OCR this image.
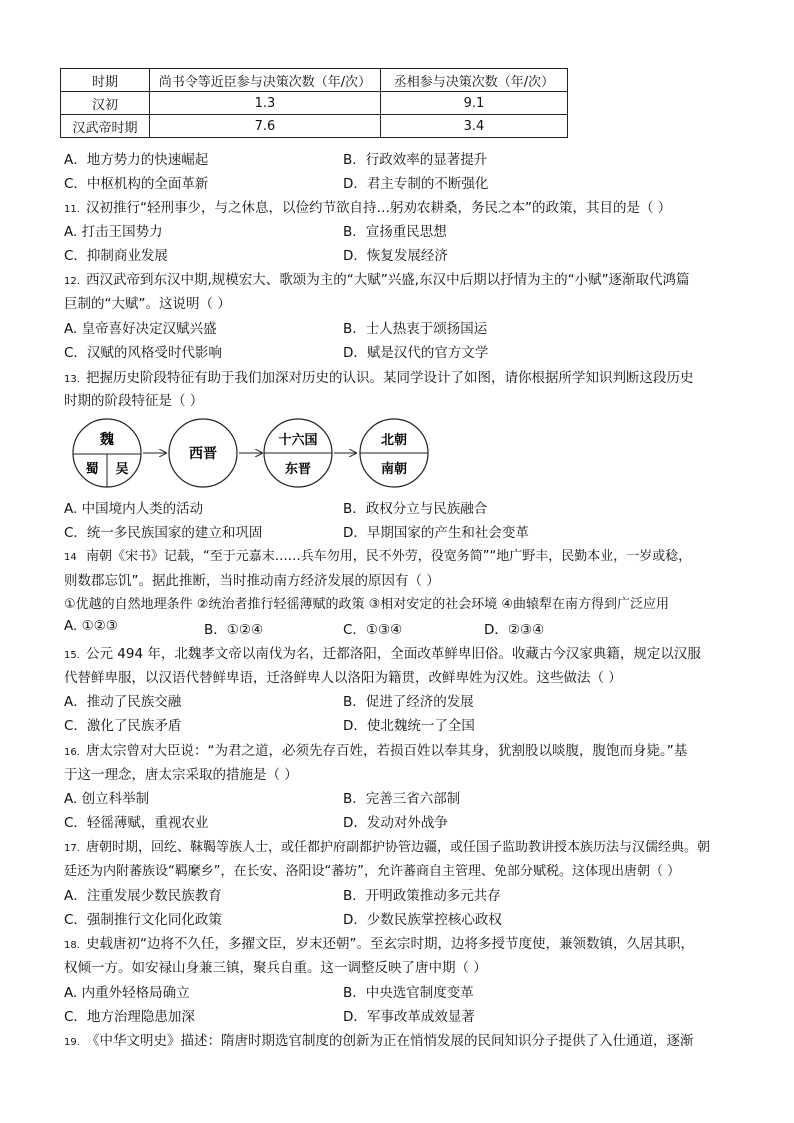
时期	尚书令等近臣参与决策次数（年/次）	丞相参与决策次数（年/次）
汉初	1.3	9.1
汉武帝时期	7.6	3.4
A．地方势力的快速崛起	B．行政效率的显著提升
C．中枢机构的全面革新	D．君主专制的不断强化
11. 汉初推行“轻刑事少，与之休息，以俭约节欲自持…躬劝农耕桑，务民之本”的政策，其目的是（ ）
A. 打击王国势力	B．宣扬重民思想
C．抑制商业发展	D．恢复发展经济
12. 西汉武帝到东汉中期,规模宏大、歌颂为主的“大赋”兴盛,东汉中后期以抒情为主的“小赋”逐渐取代鸿篇
巨制的“大赋”。这说明（ ）
A. 皇帝喜好决定汉赋兴盛	B．士人热衷于颂扬国运
C．汉赋的风格受时代影响	D．赋是汉代的官方文学
13. 把握历史阶段特征有助于我们加深对历史的认识。某同学设计了如图，请你根据所学知识判断这段历史
时期的阶段特征是（ ）
魏
蜀 吴
西晋
十六国
东晋
北朝
南朝
A. 中国境内人类的活动	B．政权分立与民族融合
C．统一多民族国家的建立和巩固	D．早期国家的产生和社会变革
14 南朝《宋书》记载，“至于元嘉末……兵车勿用，民不外劳，役宽务简”“地广野丰，民勤本业，一岁或稔，
则数郡忘饥”。据此推断，当时推动南方经济发展的原因有（ ）
①优越的自然地理条件 ②统治者推行轻徭薄赋的政策 ③相对安定的社会环境 ④曲辕犁在南方得到广泛应用
A. ①②③	B．①②④	C．①③④	D．②③④
15. 公元 494 年，北魏孝文帝以南伐为名，迁都洛阳，全面改革鲜卑旧俗。收藏古今汉家典籍，规定以汉服
代替鲜卑服，以汉语代替鲜卑语，迁洛鲜卑人以洛阳为籍贯，改鲜卑姓为汉姓。这些做法（ ）
A．推动了民族交融	B．促进了经济的发展
C．激化了民族矛盾	D．使北魏统一了全国
16. 唐太宗曾对大臣说：“为君之道，必须先存百姓，若损百姓以奉其身，犹割股以啖腹，腹饱而身毙。”基
于这一理念，唐太宗采取的措施是（ ）
A. 创立科举制	B．完善三省六部制
C．轻徭薄赋，重视农业	D．发动对外战争
17. 唐朝时期，回纥、靺鞨等族人士，或任都护府副都护协管边疆，或任国子监助教讲授本族历法与汉儒经典。朝
廷还为内附蕃族设“羁縻乡”，在长安、洛阳设“蕃坊”，允许蕃商自主管理、免部分赋税。这体现出唐朝（ ）
A．注重发展少数民族教育	B．开明政策推动多元共存
C．强制推行文化同化政策	D．少数民族掌控核心政权
18. 史载唐初“边将不久任，多擢文臣，岁末还朝”。至玄宗时期，边将多授节度使，兼领数镇，久居其职，
权倾一方。如安禄山身兼三镇，聚兵自重。这一调整反映了唐中期（ ）
A. 内重外轻格局确立	B．中央选官制度变革
C．地方治理隐患加深	D．军事改革成效显著
19. 《中华文明史》描述：隋唐时期选官制度的创新为正在悄悄发展的民间知识分子提供了入仕通道，逐渐
